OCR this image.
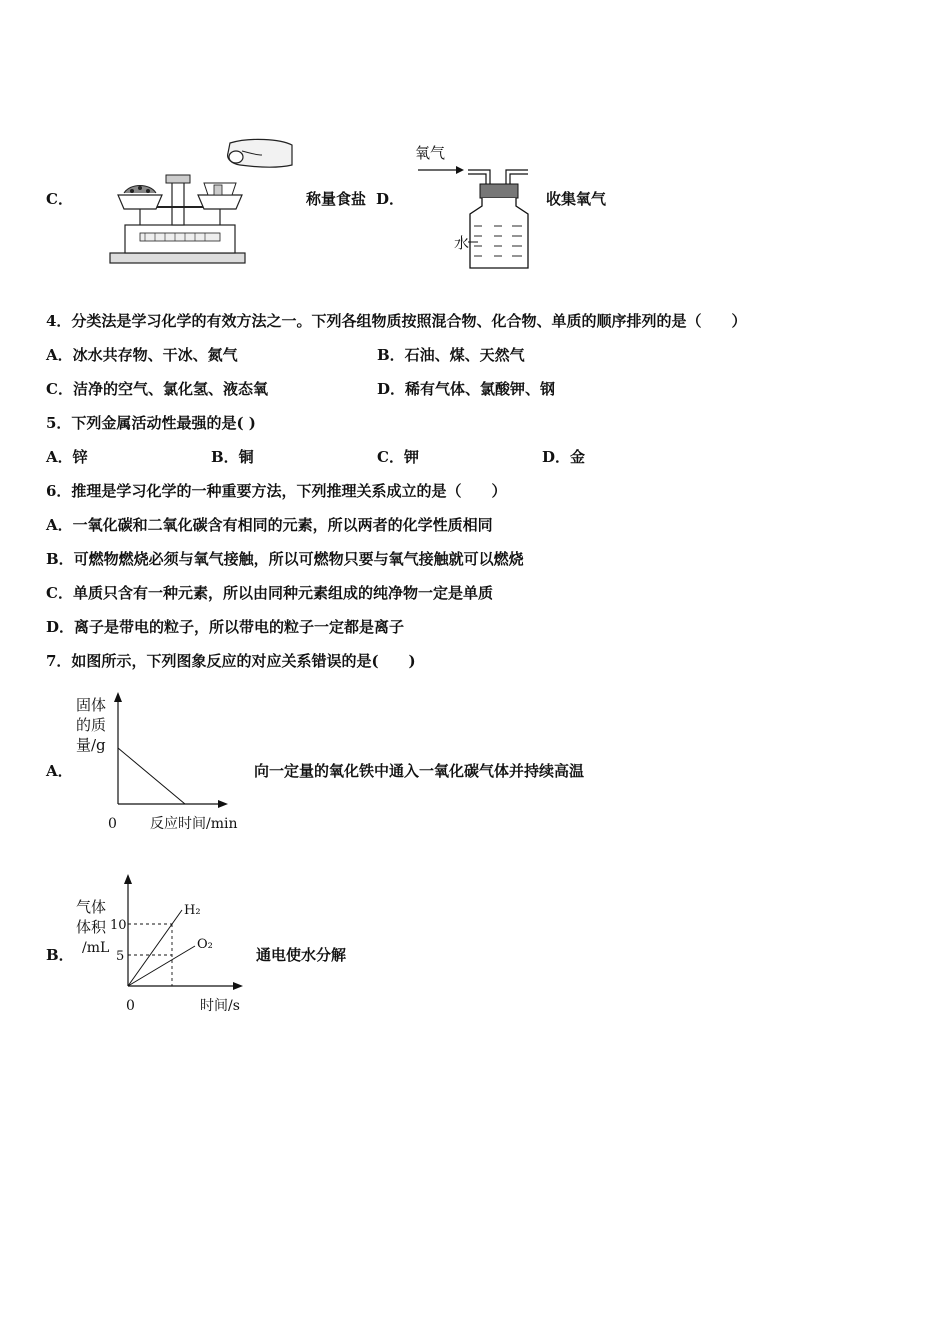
C．	称量食盐 D．
氧气
水
收集氧气
4．分类法是学习化学的有效方法之一。下列各组物质按照混合物、化合物、单质的顺序排列的是（　　）
A．冰水共存物、干冰、氮气	B．石油、煤、天然气
C．洁净的空气、氯化氢、液态氧	D．稀有气体、氯酸钾、钢
5．下列金属活动性最强的是( )
A．锌	B．铜	C．钾	D．金
6．推理是学习化学的一种重要方法，下列推理关系成立的是（　　）
A．一氧化碳和二氧化碳含有相同的元素，所以两者的化学性质相同
B．可燃物燃烧必须与氧气接触，所以可燃物只要与氧气接触就可以燃烧
C．单质只含有一种元素，所以由同种元素组成的纯净物一定是单质
D．离子是带电的粒子，所以带电的粒子一定都是离子
7．如图所示，下列图象反应的对应关系错误的是(　　)
A．
固体
的质
量/g
0 反应时间/min
向一定量的氧化铁中通入一氧化碳气体并持续高温
B．
气体
体积
/mL
10
5
H₂
O₂
0	时间/s
通电使水分解
